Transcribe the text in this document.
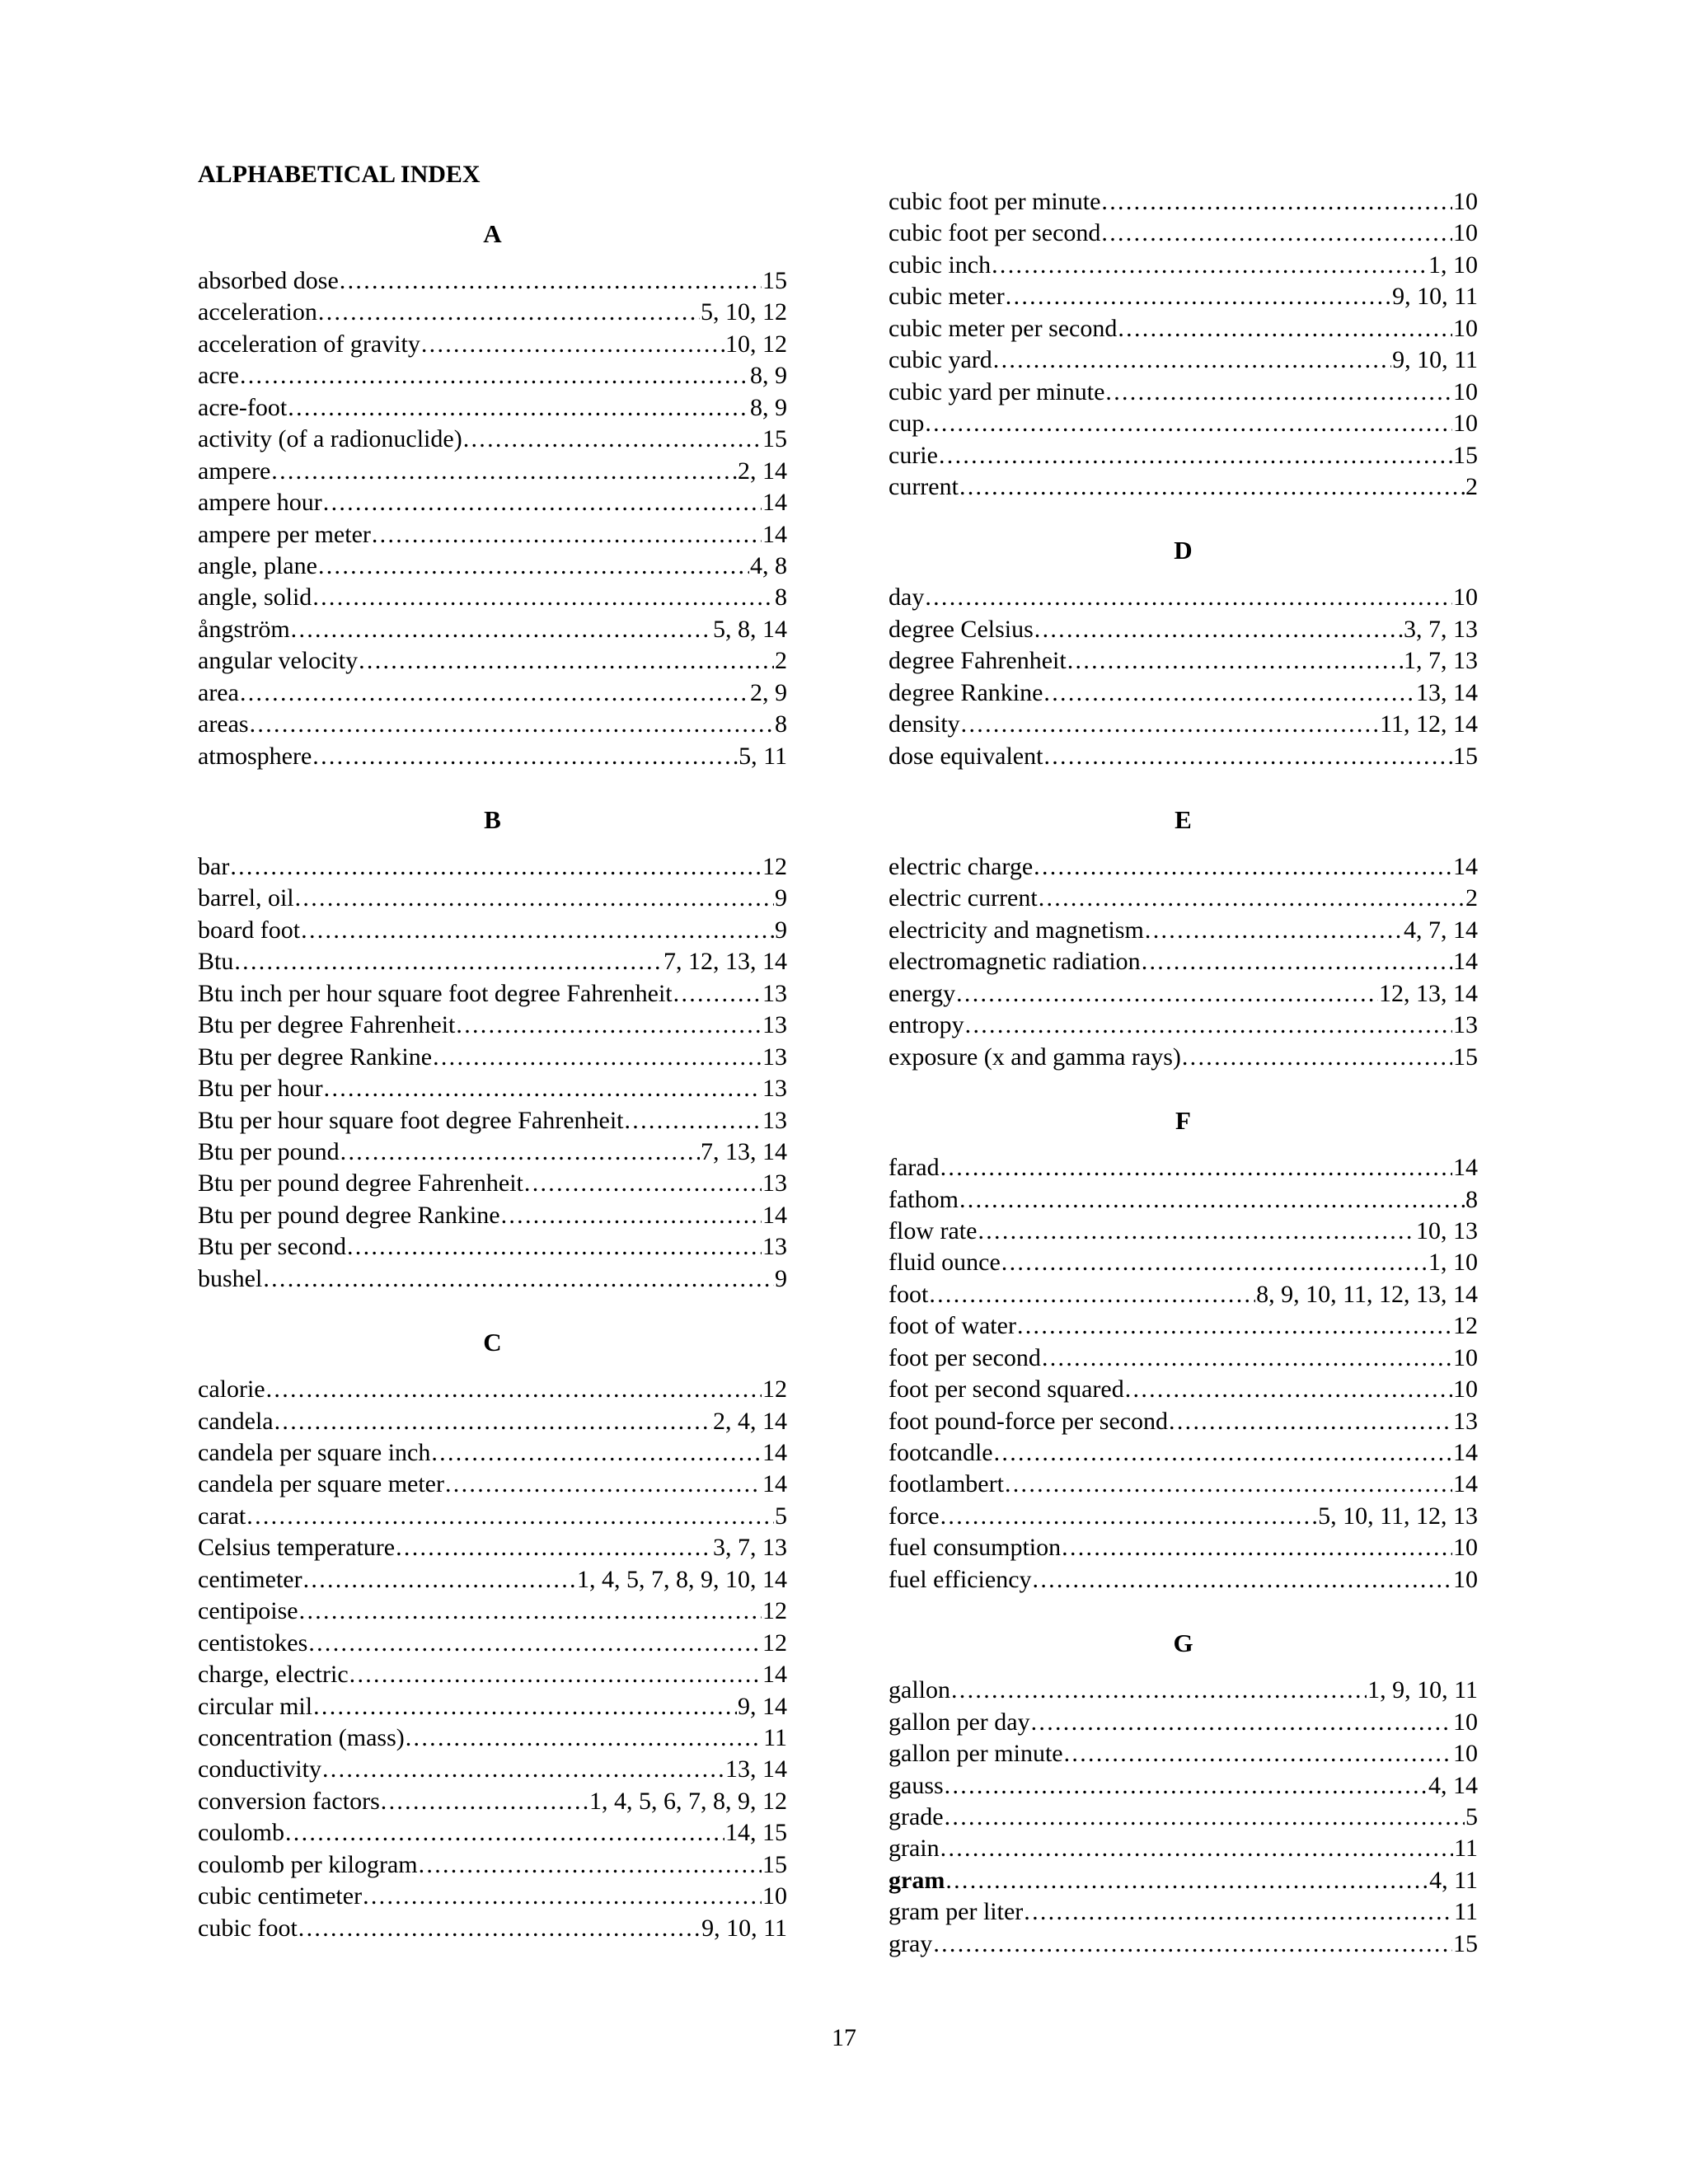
ALPHABETICAL INDEX
A
absorbed dose . . .	15
acceleration . . .	5, 10, 12
acceleration of gravity . . .	10, 12
acre . . .	8, 9
acre-foot . . .	8, 9
activity (of a radionuclide) . . .	15
ampere . . .	2, 14
ampere hour . . .	14
ampere per meter . . .	14
angle, plane . . .	4, 8
angle, solid . . .	8
ångström . . .	5, 8, 14
angular velocity . . .	2
area . . .	2, 9
areas . . .	8
atmosphere . . .	5, 11
B
bar . . .	12
barrel, oil . . .	9
board foot . . .	9
Btu . . .	7, 12, 13, 14
Btu inch per hour square foot degree Fahrenheit . . .	13
Btu per degree Fahrenheit . . .	13
Btu per degree Rankine . . .	13
Btu per hour . . .	13
Btu per hour square foot degree Fahrenheit . . .	13
Btu per pound . . .	7, 13, 14
Btu per pound degree Fahrenheit . . .	13
Btu per pound degree Rankine . . .	14
Btu per second . . .	13
bushel . . .	9
C
calorie . . .	12
candela . . .	2, 4, 14
candela per square inch . . .	14
candela per square meter . . .	14
carat . . .	5
Celsius temperature . . .	3, 7, 13
centimeter . . .	1, 4, 5, 7, 8, 9, 10, 14
centipoise . . .	12
centistokes . . .	12
charge, electric . . .	14
circular mil . . .	9, 14
concentration (mass) . . .	11
conductivity . . .	13, 14
conversion factors . . .	1, 4, 5, 6, 7, 8, 9, 12
coulomb . . .	14, 15
coulomb per kilogram . . .	15
cubic centimeter . . .	10
cubic foot . . .	9, 10, 11
cubic foot per minute . . .	10
cubic foot per second . . .	10
cubic inch . . .	1, 10
cubic meter . . .	9, 10, 11
cubic meter per second . . .	10
cubic yard . . .	9, 10, 11
cubic yard per minute . . .	10
cup . . .	10
curie . . .	15
current . . .	2
D
day . . .	10
degree Celsius . . .	3, 7, 13
degree Fahrenheit . . .	1, 7, 13
degree Rankine . . .	13, 14
density . . .	11, 12, 14
dose equivalent . . .	15
E
electric charge . . .	14
electric current . . .	2
electricity and magnetism . . .	4, 7, 14
electromagnetic radiation . . .	14
energy . . .	12, 13, 14
entropy . . .	13
exposure (x and gamma rays) . . .	15
F
farad . . .	14
fathom . . .	8
flow rate . . .	10, 13
fluid ounce . . .	1, 10
foot . . .	8, 9, 10, 11, 12, 13, 14
foot of water . . .	12
foot per second . . .	10
foot per second squared . . .	10
foot pound-force per second . . .	13
footcandle . . .	14
footlambert . . .	14
force . . .	5, 10, 11, 12, 13
fuel consumption . . .	10
fuel efficiency . . .	10
G
gallon . . .	1, 9, 10, 11
gallon per day . . .	10
gallon per minute . . .	10
gauss . . .	4, 14
grade . . .	5
grain . . .	11
gram . . .	4, 11
gram per liter . . .	11
gray . . .	15
17
